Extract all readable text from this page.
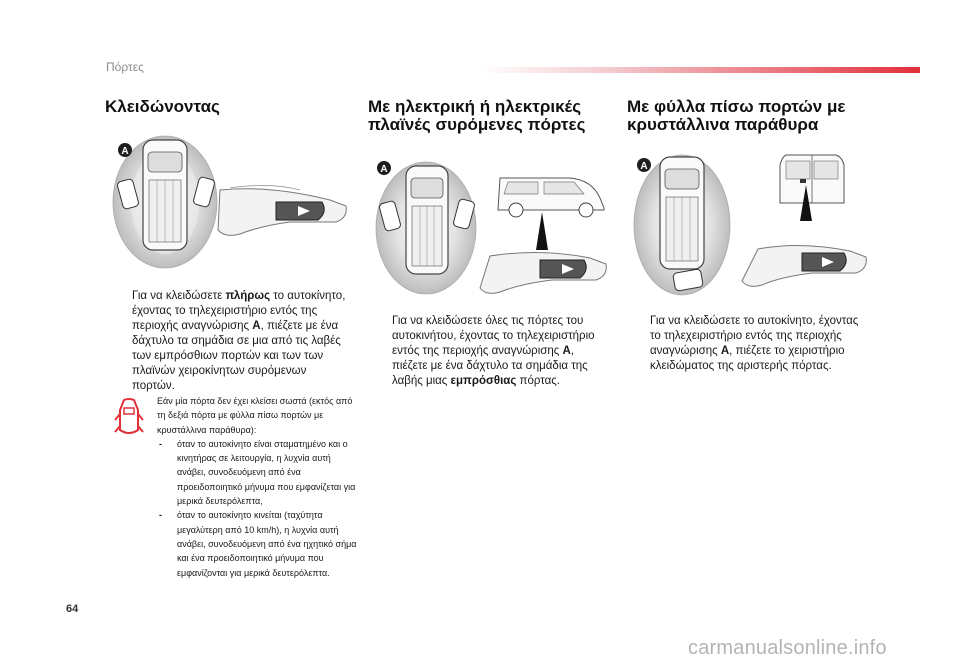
Πόρτες
Κλειδώνοντας
A
Για να κλειδώσετε πλήρως το αυτοκίνητο, έχοντας το τηλεχειριστήριο εντός της περιοχής αναγνώρισης A, πιέζετε με ένα δάχτυλο τα σημάδια σε μια από τις λαβές των εμπρόσθιων πορτών και των των πλαϊνών χειροκίνητων συρόμενων πορτών.
Εάν μία πόρτα δεν έχει κλείσει σωστά (εκτός από τη δεξιά πόρτα με φύλλα πίσω πορτών με κρυστάλλινα παράθυρα):
- όταν το αυτοκίνητο είναι σταματημένο και ο κινητήρας σε λειτουργία, η λυχνία αυτή ανάβει, συνοδευόμενη από ένα προειδοποιητικό μήνυμα που εμφανίζεται για μερικά δευτερόλεπτα,
- όταν το αυτοκίνητο κινείται (ταχύτητα μεγαλύτερη από 10 km/h), η λυχνία αυτή ανάβει, συνοδευόμενη από ένα ηχητικό σήμα και ένα προειδοποιητικό μήνυμα που εμφανίζονται για μερικά δευτερόλεπτα.
Με ηλεκτρική ή ηλεκτρικές
πλαϊνές συρόμενες πόρτες
A
Για να κλειδώσετε όλες τις πόρτες του αυτοκινήτου, έχοντας το τηλεχειριστήριο εντός της περιοχής αναγνώρισης A, πιέζετε με ένα δάχτυλο τα σημάδια της λαβής μιας εμπρόσθιας πόρτας.
Με φύλλα πίσω πορτών με
κρυστάλλινα παράθυρα
A
Για να κλειδώσετε το αυτοκίνητο, έχοντας το τηλεχειριστήριο εντός της περιοχής αναγνώρισης A, πιέζετε το χειριστήριο κλειδώματος της αριστερής πόρτας.
64
carmanualsonline.info
